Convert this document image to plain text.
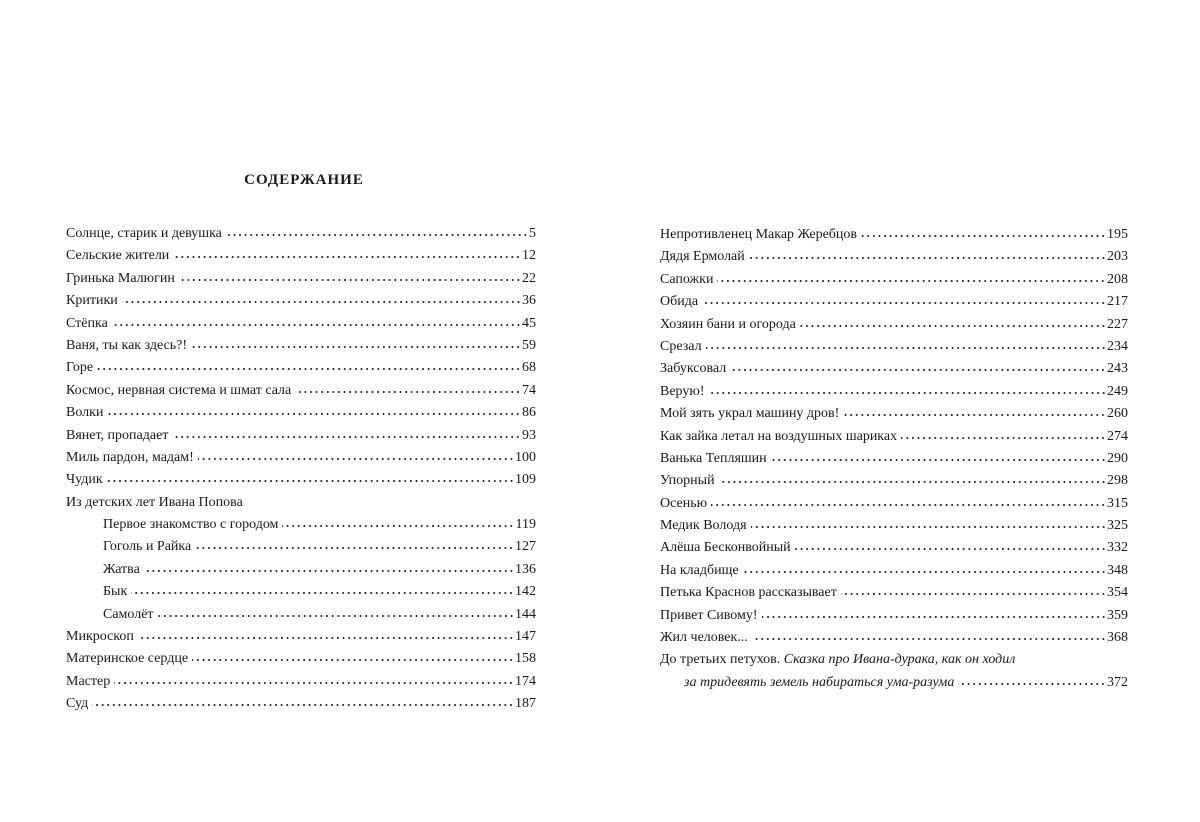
СОДЕРЖАНИЕ
Солнце, старик и девушка	5
Сельские жители	12
Гринька Малюгин	22
Критики	36
Стёпка	45
Ваня, ты как здесь?!	59
Горе	68
Космос, нервная система и шмат сала	74
Волки	86
Вянет, пропадает	93
Миль пардон, мадам!	100
Чудик	109
Из детских лет Ивана Попова
Первое знакомство с городом	119
Гоголь и Райка	127
Жатва	136
Бык	142
Самолёт	144
Микроскоп	147
Материнское сердце	158
Мастер	174
Суд	187
Непротивленец Макар Жеребцов	195
Дядя Ермолай	203
Сапожки	208
Обида	217
Хозяин бани и огорода	227
Срезал	234
Забуксовал	243
Верую!	249
Мой зять украл машину дров!	260
Как зайка летал на воздушных шариках	274
Ванька Тепляшин	290
Упорный	298
Осенью	315
Медик Володя	325
Алёша Бесконвойный	332
На кладбище	348
Петька Краснов рассказывает	354
Привет Сивому!	359
Жил человек...	368
До третьих петухов. Сказка про Ивана-дурака, как он ходил
за тридевять земель набираться ума-разума	372
